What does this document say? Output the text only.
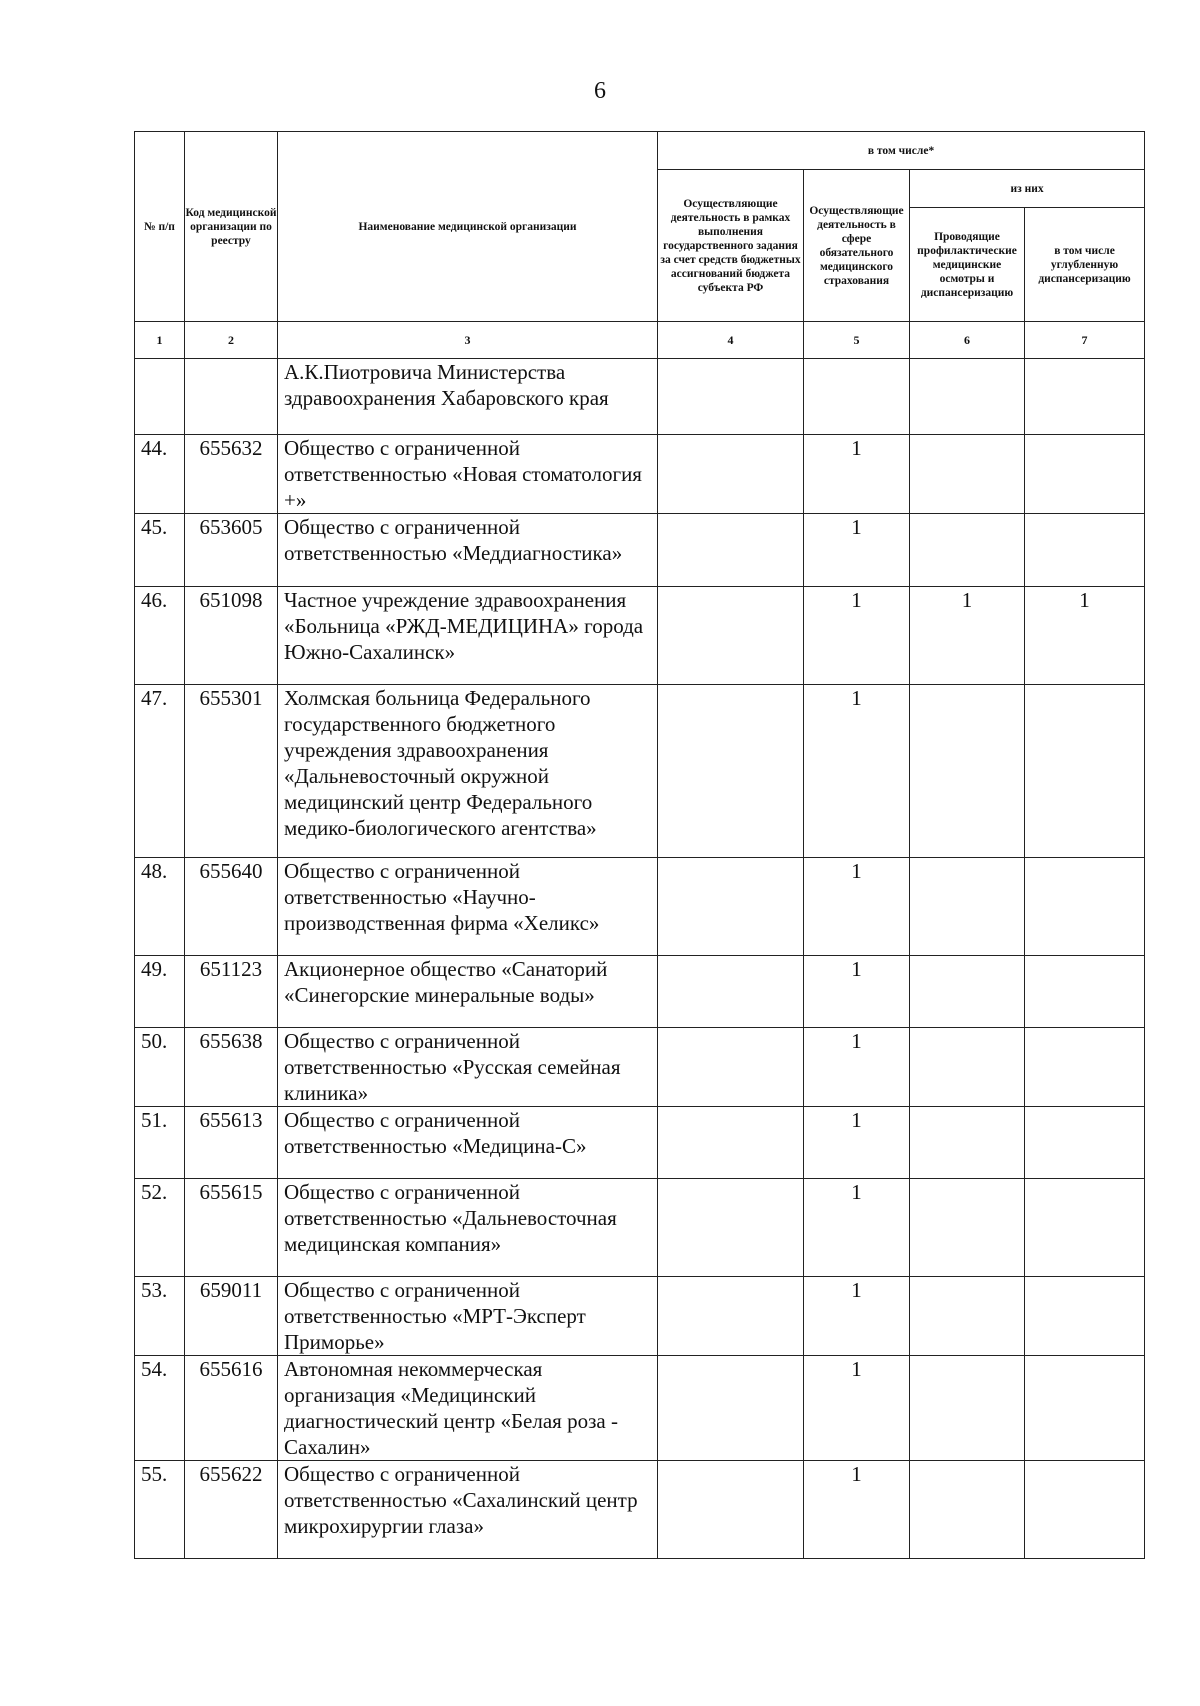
6
№ п/п	Код медицинской организации по реестру	Наименование медицинской организации	в том числе*			
			Осуществляющие деятельность в рамках выполнения государственного задания за счет средств бюджетных ассигнований бюджета субъекта РФ	Осуществляющие деятельность в сфере обязательного медицинского страхования	из них	
					Проводящие профилактические медицинские осмотры и диспансеризацию	в том числе углубленную диспансеризацию
1	2	3	4	5	6	7
		А.К.Пиотровича Министерства здравоохранения Хабаровского края				
44.	655632	Общество с ограниченной ответственностью «Новая стоматология +»		1		
45.	653605	Общество с ограниченной ответственностью «Меддиагностика»		1		
46.	651098	Частное учреждение здравоохранения «Больница «РЖД-МЕДИЦИНА» города Южно-Сахалинск»		1	1	1
47.	655301	Холмская больница Федерального государственного бюджетного учреждения здравоохранения «Дальневосточный окружной медицинский центр Федерального медико-биологического агентства»		1		
48.	655640	Общество с ограниченной ответственностью «Научно-производственная фирма «Хеликс»		1		
49.	651123	Акционерное общество «Санаторий «Синегорские минеральные воды»		1		
50.	655638	Общество с ограниченной ответственностью «Русская семейная клиника»		1		
51.	655613	Общество с ограниченной ответственностью «Медицина-С»		1		
52.	655615	Общество с ограниченной ответственностью «Дальневосточная медицинская компания»		1		
53.	659011	Общество с ограниченной ответственностью «МРТ-Эксперт Приморье»		1		
54.	655616	Автономная некоммерческая организация «Медицинский диагностический центр «Белая роза - Сахалин»		1		
55.	655622	Общество с ограниченной ответственностью «Сахалинский центр микрохирургии глаза»		1		
